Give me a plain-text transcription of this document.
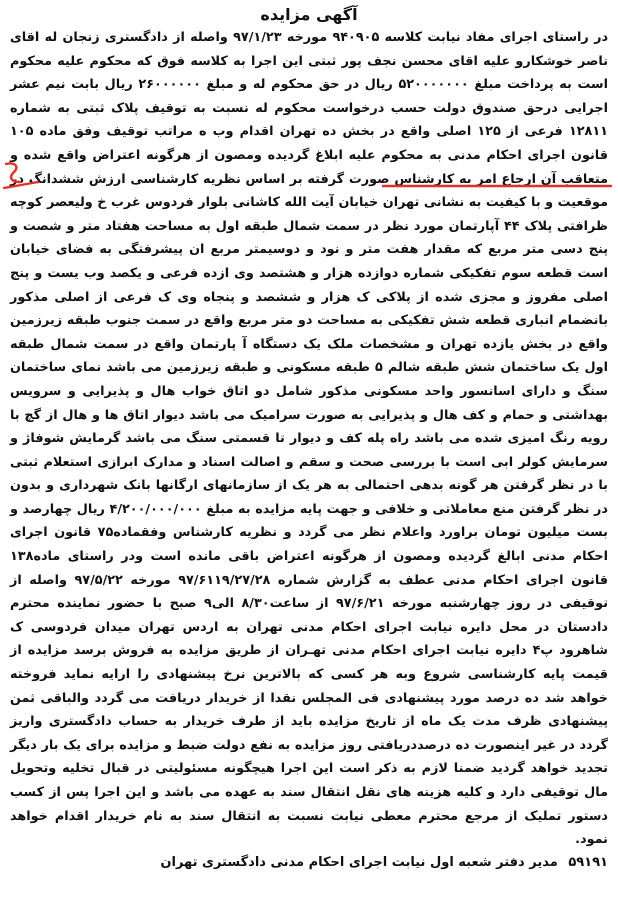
آگهی مزایده

در راستای اجرای مفاد نیابت کلاسه ۹۴۰۹۰۵ مورخه ۹۷/۱/۲۳ واصله از دادگستری زنجان له اقای ناصر خوشکارو علیه اقای محسن نجف پور ثبتی این اجرا به کلاسه فوق که محکوم علیه محکوم است به پرداخت مبلغ ۵۲۰۰۰۰۰۰۰ ریال در حق محکوم له و مبلغ ۲۶۰۰۰۰۰۰ ریال بابت نیم عشر اجرایی درحق صندوق دولت حسب درخواست محکوم له نسبت به توقیف پلاک ثبتی به شماره ۱۲۸۱۱ فرعی از ۱۲۵ اصلی واقع در بخش ده تهران اقدام وب ه مراتب توقیف وفق ماده ۱۰۵ قانون اجرای احکام مدنی به محکوم علیه ابلاغ گردیده ومصون از هرگونه اعتراض واقع شده و متعاقب آن ارجاع امر به کارشناس صورت گرفته بر اساس نظریه کارشناسی ارزش ششدانگ در موقعیت و با کیفیت به نشانی تهران خیابان آیت الله کاشانی بلوار فردوس غرب خ ولیعصر کوچه ظرافتی پلاک ۴۴ آپارتمان مورد نظر در سمت شمال طبقه اول به مساحت هفتاد متر و شصت و پنج دسی متر مربع که مقدار هفت متر و نود و دوسیمتر مربع ان پیشرفتگی به فضای خیابان است قطعه سوم تفکیکی شماره دوازده هزار و هشتصد وی ازده فرعی و یکصد وب یست و پنج اصلی مفروز و مجزی شده از پلاکی ک هزار و ششصد و پنجاه وی ک فرعی از اصلی مذکور بانضمام انباری قطعه شش تفکیکی به مساحت دو متر مربع واقع در سمت جنوب طبقه زیرزمین واقع در بخش یازده تهران و مشخصات ملک یک دستگاه آ پارتمان واقع در سمت شمال طبقه اول یک ساختمان شش طبقه شالم ۵ طبقه مسکونی و طبقه زیرزمین می باشد نمای ساختمان سنگ و دارای اسانسور واحد مسکونی مذکور شامل دو اتاق خواب هال و پذیرایی و سرویس بهداشتی و حمام و کف هال و پذیرایی به صورت سرامیک می باشد دیوار اتاق ها و هال از گچ با رویه رنگ امیزی شده می باشد راه پله کف و دیوار تا قسمتی سنگ می باشد گرمایش شوفاژ و سرمایش کولر ابی است با بررسی صحت و سقم و اصالت اسناد و مدارک ابرازی استعلام ثبتی با در نظر گرفتن هر گونه بدهی احتمالی به هر یک از سازمانهای ارگانها بانک شهرداری و بدون در نظر گرفتن منع معاملاتی و خلافی و جهت پایه مزایده به مبلغ ۴/۲۰۰/۰۰۰/۰۰۰ ریال چهارصد و بست میلیون تومان براورد واعلام نظر می گردد و نظریه کارشناس وفقماده۷۵ قانون اجرای احکام مدنی ابالغ گردیده ومصون از هرگونه اعتراض باقی مانده است ودر راستای ماده۱۳۸ قانون اجرای احکام مدنی عطف به گزارش شماره ۹۷/۶۱۱۹/۲۷/۲۸ مورخه ۹۷/۵/۲۲ واصله از توقیفی در روز چهارشنبه مورخه ۹۷/۶/۲۱ از ساعت۸/۳۰ الی۹ صبح با حضور نماینده محترم دادستان در محل دایره نیابت اجرای احکام مدنی تهران به اردس تهران میدان فردوسی ک شاهرود پ۴ دایره نیابت اجرای احکام مدنی تهـران از طریق مزایده به فروش برسد مزایده از قیمت پایه کارشناسی شروع وبه هر کسی که بالاترین نرخ پیشنهادی را ارایه نماید فروخته خواهد شد ده درصد مورد پیشنهادی فی المجلس نقدا از خریدار دریافت می گردد والباقی ثمن پیشنهادی ظرف مدت یک ماه از تاریخ مزایده باید از طرف خریدار به حساب دادگستری واریز گردد در غیر اینصورت ده درصددریافتی روز مزایده به نفع دولت ضبط و مزایده برای یک بار دیگر تجدید خواهد گردید ضمنا لازم به ذکر است این اجرا هیچگونه مسئولیتی در قبال تخلیه وتحویل مال توقیفی دارد و کلیه هزینه های نقل انتقال سند به عهده می باشد و این اجرا پس از کسب دستور تملیک از مرجع محترم معطی نیابت نسبت به انتقال سند به نام خریدار اقدام خواهد نمود.

۵۹۱۹۱ مدیر دفتر شعبه اول نیابت اجرای احکام مدنی دادگستری تهران
